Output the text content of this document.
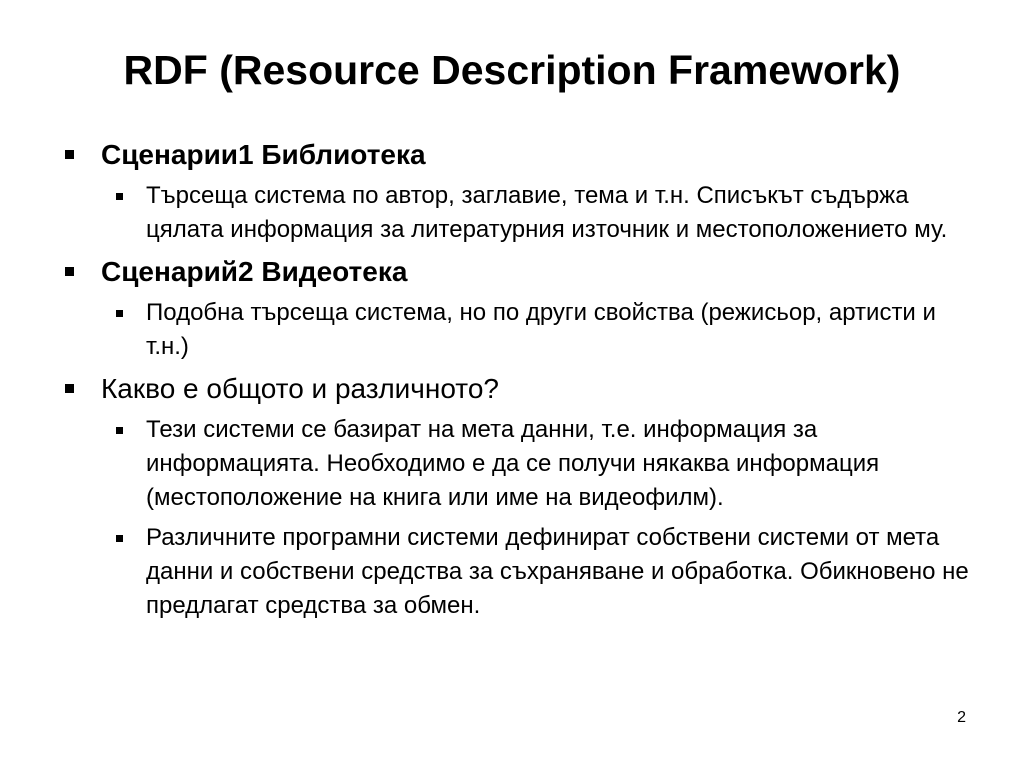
RDF (Resource Description Framework)
Сценарии1 Библиотека
Търсеща система по автор, заглавие, тема и т.н. Списъкът съдържа цялата информация за литературния източник и местоположението му.
Сценарий2 Видеотека
Подобна търсеща система, но по други свойства (режисьор, артисти и т.н.)
Какво е общото и различното?
Тези системи се базират на мета данни, т.е. информация за информацията. Необходимо е да се получи някаква информация (местоположение на книга или име на видеофилм).
Различните програмни системи дефинират собствени системи от мета данни и собствени средства за съхраняване и обработка. Обикновено не предлагат средства за обмен.
2
